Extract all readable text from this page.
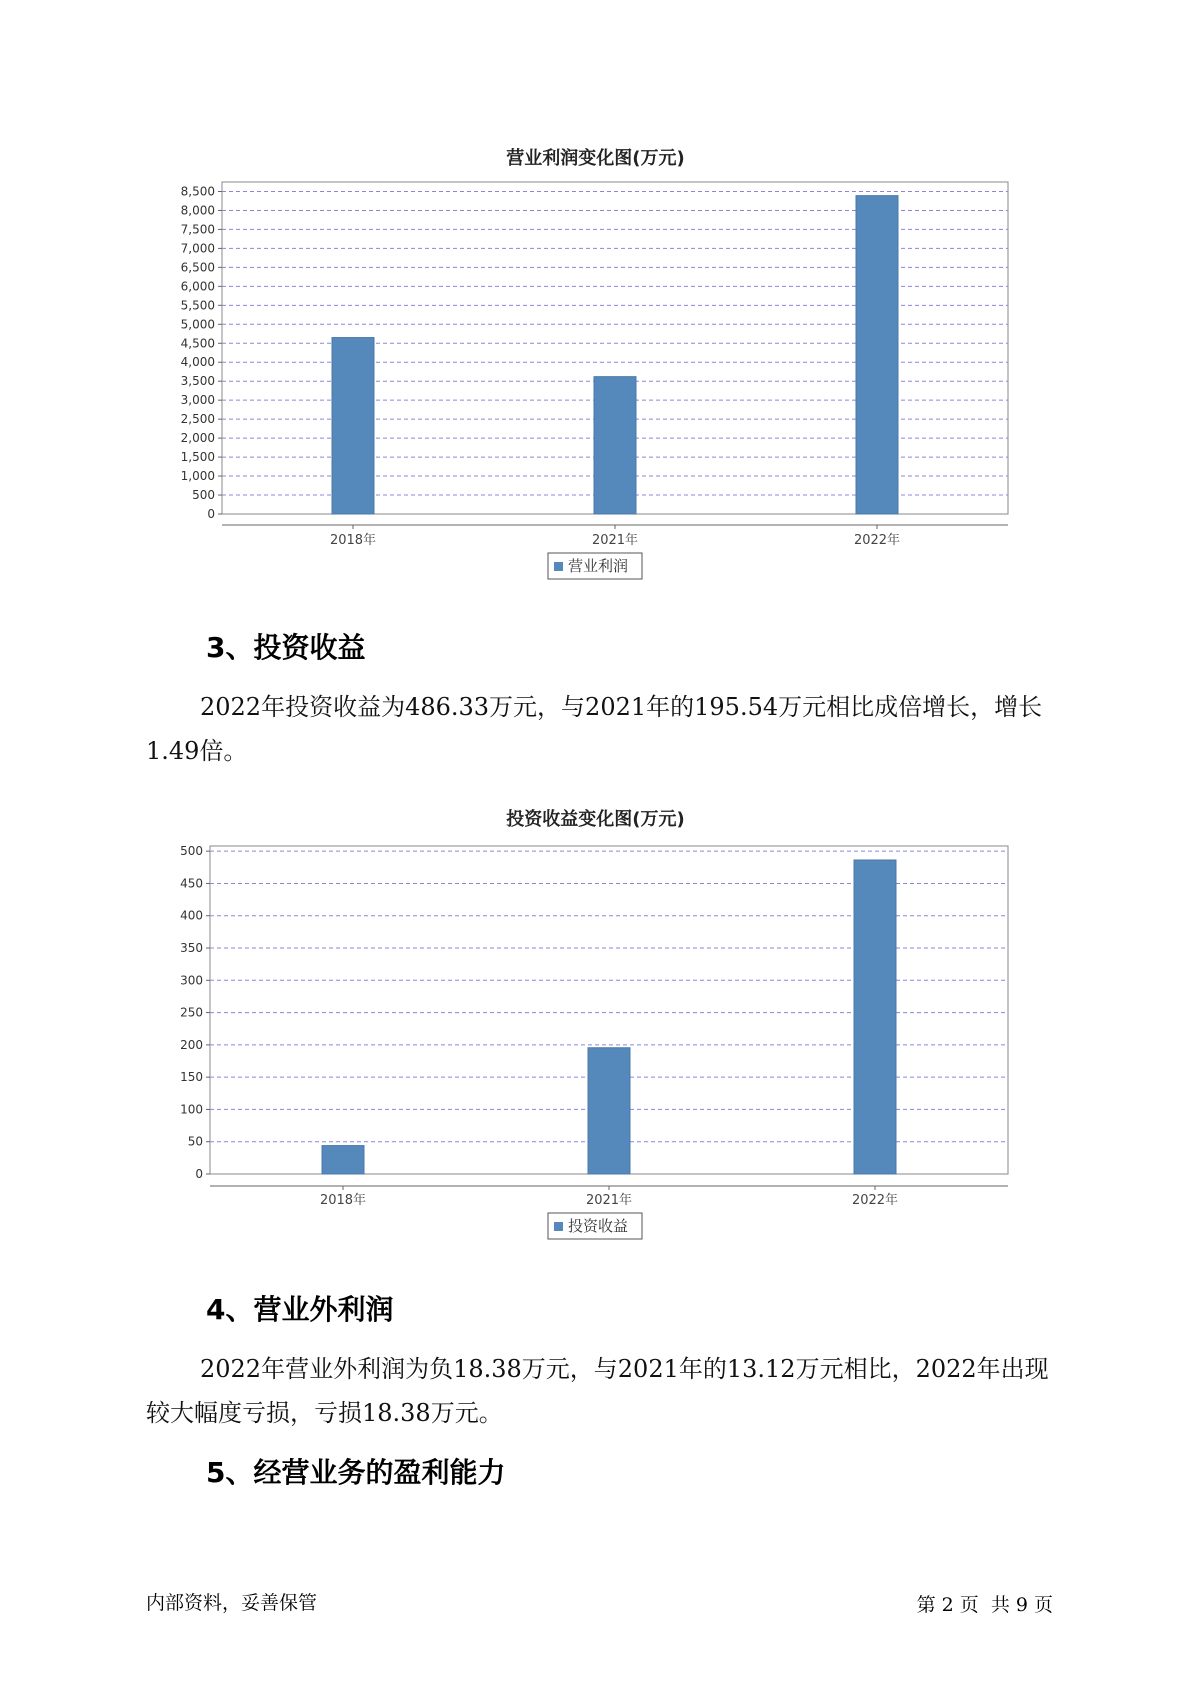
营业利润变化图(万元)
0
500
1,000
1,500
2,000
2,500
3,000
3,500
4,000
4,500
5,000
5,500
6,000
6,500
7,000
7,500
8,000
8,500
2018年	2021年	2022年
营业利润
3、投资收益

2022年投资收益为486.33万元，与2021年的195.54万元相比成倍增长，增长1.49倍。

投资收益变化图(万元)
0
50
100
150
200
250
300
350
400
450
500
2018年	2021年	2022年
投资收益
4、营业外利润

2022年营业外利润为负18.38万元，与2021年的13.12万元相比，2022年出现较大幅度亏损，亏损18.38万元。

5、经营业务的盈利能力
内部资料，妥善保管	第 2 页  共 9 页
